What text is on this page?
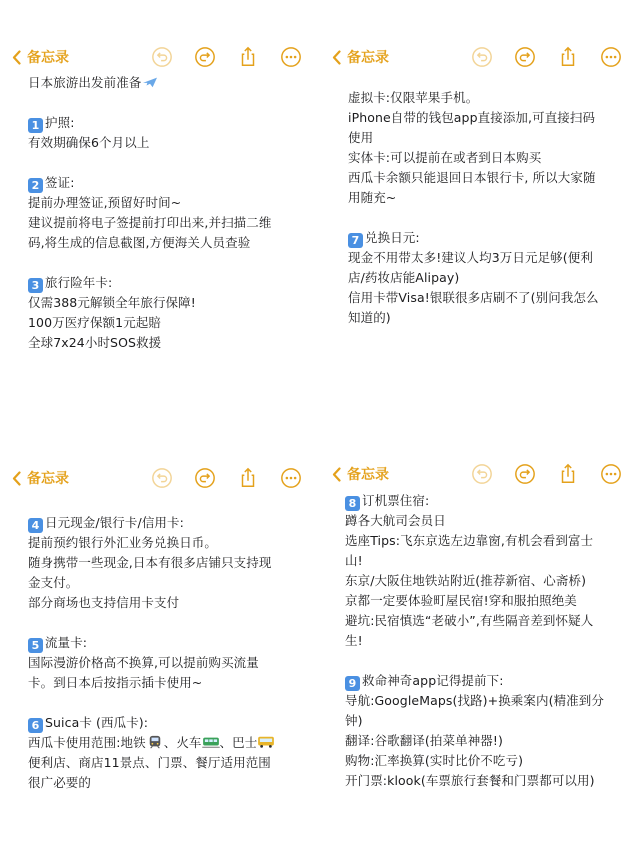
备忘录
日本旅游出发前准备
1 护照:
有效期确保6个月以上
2 签证:
提前办理签证,预留好时间~
建议提前将电子签提前打印出来,并扫描二维
码,将生成的信息截图,方便海关人员查验
3 旅行险年卡:
仅需388元解锁全年旅行保障!
100万医疗保额1元起賠
全球7x24小时SOS救援
备忘录
虚拟卡:仅限苹果手机。
iPhone自带的钱包app直接添加,可直接扫码
使用
实体卡:可以提前在或者到日本购买
西瓜卡余额只能退回日本银行卡, 所以大家随
用随充~
7 兑换日元:
现金不用带太多!建议人均3万日元足够(便利
店/药妆店能Alipay)
信用卡带Visa!银联很多店刷不了(别问我怎么
知道的)
备忘录
4 日元现金/银行卡/信用卡:
提前预约银行外汇业务兑换日币。
随身携带一些现金,日本有很多店铺只支持现
金支付。
部分商场也支持信用卡支付
5 流量卡:
国际漫游价格高不换算,可以提前购买流量
卡。到日本后按指示插卡使用~
6 Suica卡 (西瓜卡):
西瓜卡使用范围:地铁 、火车 、巴士
便利店、商店11景点、门票、餐厅适用范围
很广必要的
备忘录
8 订机票住宿:
蹲各大航司会员日
选座Tips:飞东京选左边靠窗,有机会看到富士
山!
东京/大阪住地铁站附近(推荐新宿、心斋桥)
京都一定要体验町屋民宿!穿和服拍照绝美
避坑:民宿慎选“老破小”,有些隔音差到怀疑人
生!
9 救命神奇app记得提前下:
导航:GoogleMaps(找路)+换乘案内(精准到分
钟)
翻译:谷歌翻译(拍菜单神器!)
购物:汇率换算(实时比价不吃亏)
开门票:klook(车票旅行套餐和门票都可以用)
